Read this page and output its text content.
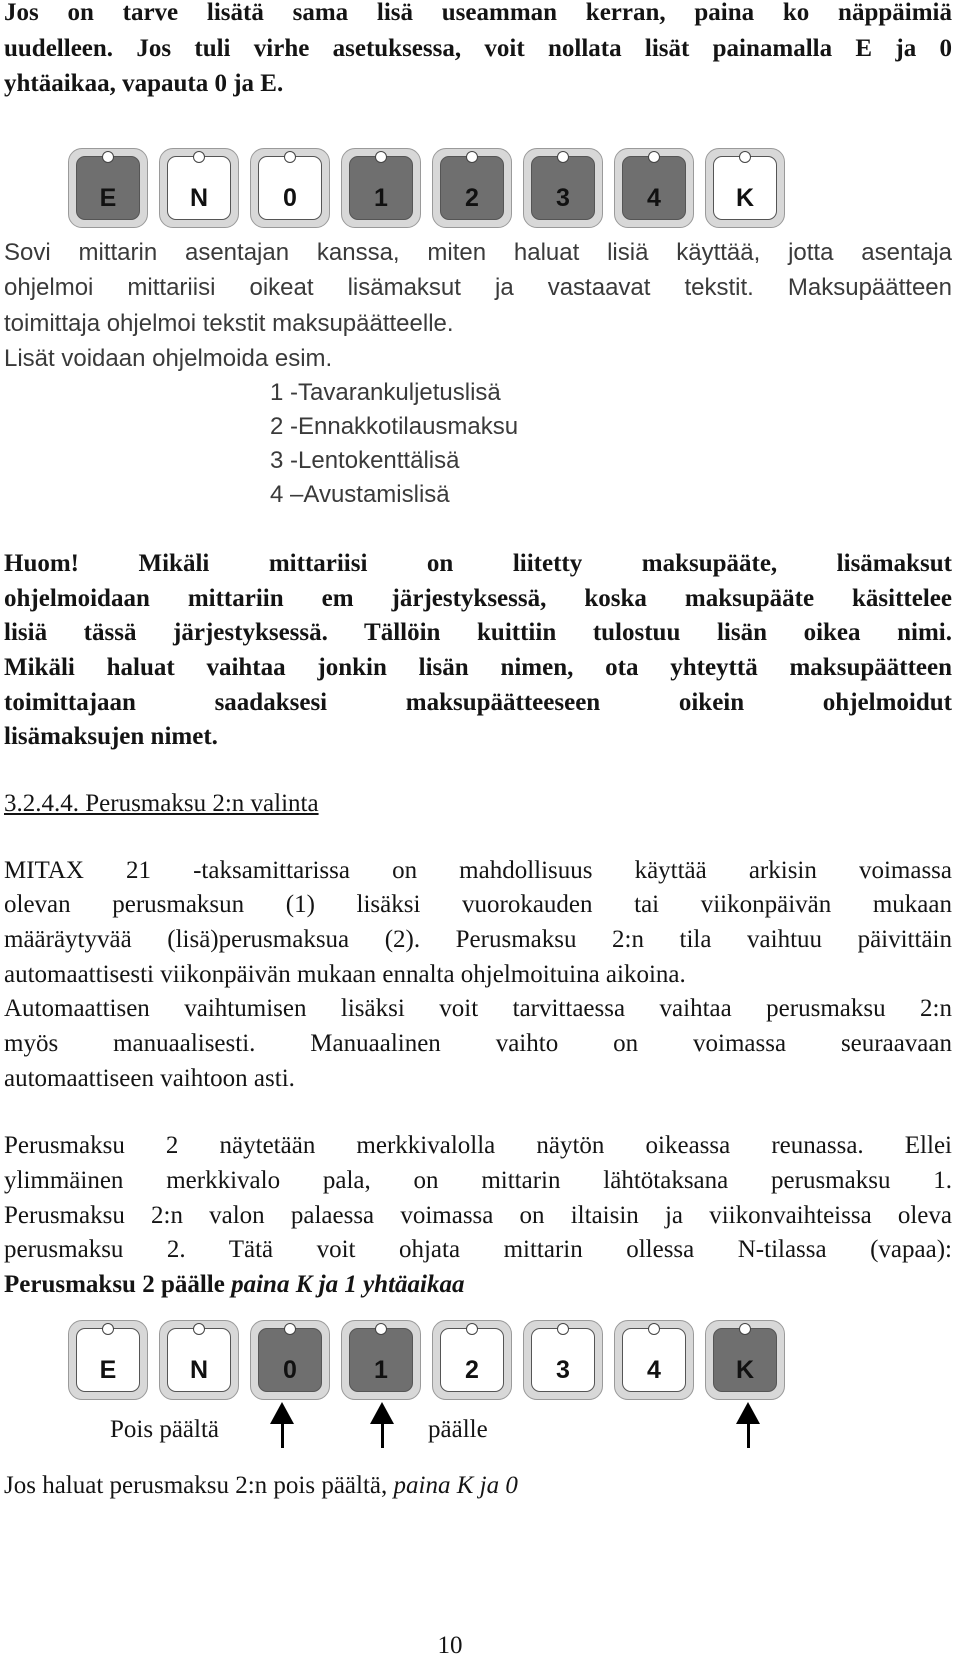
Jos on tarve lisätä sama lisä useamman kerran, paina ko näppäimiä
uudelleen. Jos tuli virhe asetuksessa, voit nollata lisät painamalla E ja 0
yhtäaikaa, vapauta 0 ja E.
E	N	0	1	2	3	4	K
Sovi mittarin asentajan kanssa, miten haluat lisiä käyttää, jotta asentaja
ohjelmoi mittariisi oikeat lisämaksut ja vastaavat tekstit. Maksupäätteen
toimittaja ohjelmoi tekstit maksupäätteelle.
Lisät voidaan ohjelmoida esim.
1 -Tavarankuljetuslisä
2 -Ennakkotilausmaksu
3 -Lentokenttälisä
4 –Avustamislisä
Huom! Mikäli mittariisi on liitetty maksupääte, lisämaksut
ohjelmoidaan mittariin em järjestyksessä, koska maksupääte käsittelee
lisiä tässä järjestyksessä. Tällöin kuittiin tulostuu lisän oikea nimi.
Mikäli haluat vaihtaa jonkin lisän nimen, ota yhteyttä maksupäätteen
toimittajaan saadaksesi maksupäätteeseen oikein ohjelmoidut
lisämaksujen nimet.
3.2.4.4. Perusmaksu 2:n valinta
MITAX 21 -taksamittarissa on mahdollisuus käyttää arkisin voimassa
olevan perusmaksun (1) lisäksi vuorokauden tai viikonpäivän mukaan
määräytyvää (lisä)perusmaksua (2). Perusmaksu 2:n tila vaihtuu päivittäin
automaattisesti viikonpäivän mukaan ennalta ohjelmoituina aikoina.
Automaattisen vaihtumisen lisäksi voit tarvittaessa vaihtaa perusmaksu 2:n
myös manuaalisesti. Manuaalinen vaihto on voimassa seuraavaan
automaattiseen vaihtoon asti.
Perusmaksu 2 näytetään merkkivalolla näytön oikeassa reunassa. Ellei
ylimmäinen merkkivalo pala, on mittarin lähtötaksana perusmaksu 1.
Perusmaksu 2:n valon palaessa voimassa on iltaisin ja viikonvaihteissa oleva
perusmaksu 2. Tätä voit ohjata mittarin ollessa N-tilassa (vapaa):
Perusmaksu 2 päälle paina K ja 1 yhtäaikaa
E	N	0	1	2	3	4	K
Pois päältä	päälle
Jos haluat perusmaksu 2:n pois päältä, paina K ja 0
10
